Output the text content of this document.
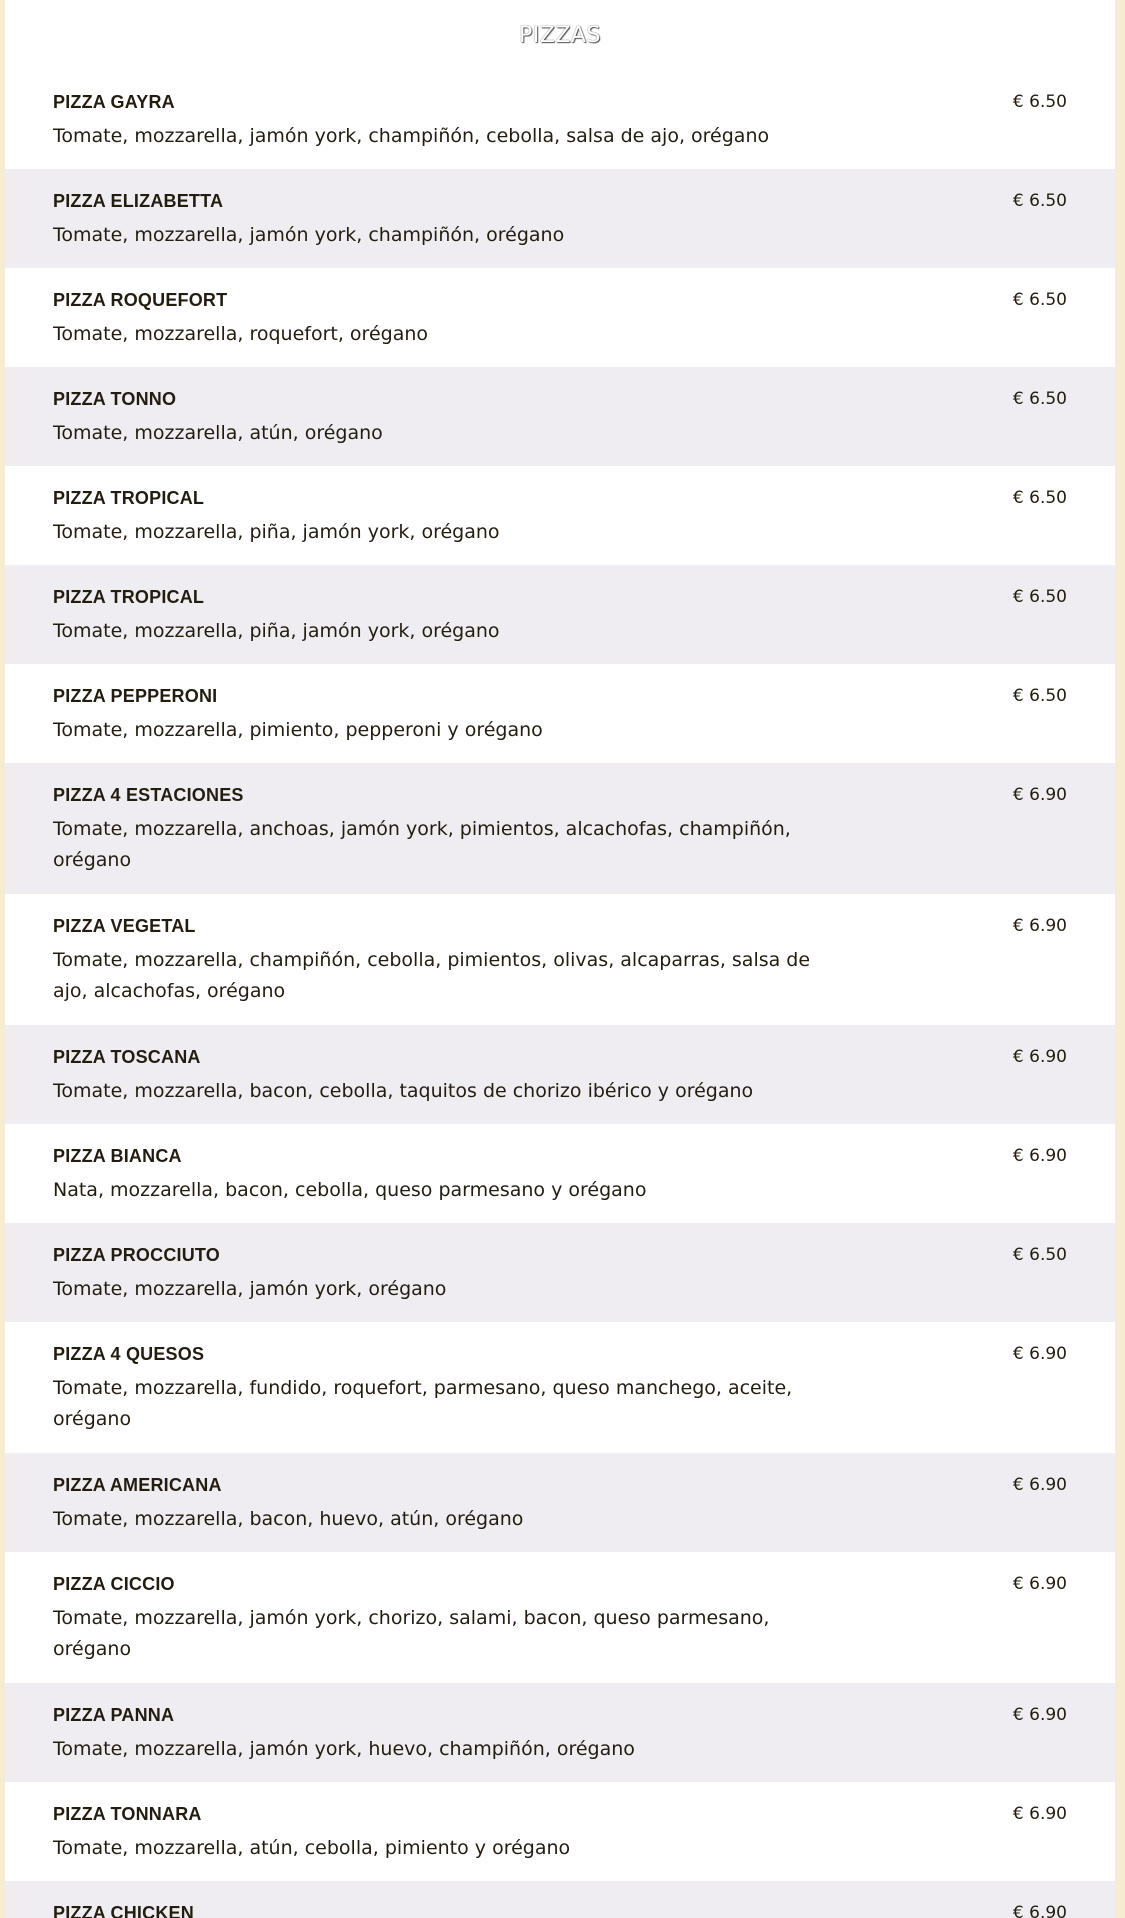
PIZZAS
PIZZA GAYRA
Tomate, mozzarella, jamón york, champiñón, cebolla, salsa de ajo, orégano
€ 6.50
PIZZA ELIZABETTA
Tomate, mozzarella, jamón york, champiñón, orégano
€ 6.50
PIZZA ROQUEFORT
Tomate, mozzarella, roquefort, orégano
€ 6.50
PIZZA TONNO
Tomate, mozzarella, atún, orégano
€ 6.50
PIZZA TROPICAL
Tomate, mozzarella, piña, jamón york, orégano
€ 6.50
PIZZA TROPICAL
Tomate, mozzarella, piña, jamón york, orégano
€ 6.50
PIZZA PEPPERONI
Tomate, mozzarella, pimiento, pepperoni y orégano
€ 6.50
PIZZA 4 ESTACIONES
Tomate, mozzarella, anchoas, jamón york, pimientos, alcachofas, champiñón, orégano
€ 6.90
PIZZA VEGETAL
Tomate, mozzarella, champiñón, cebolla, pimientos, olivas, alcaparras, salsa de ajo, alcachofas, orégano
€ 6.90
PIZZA TOSCANA
Tomate, mozzarella, bacon, cebolla, taquitos de chorizo ibérico y orégano
€ 6.90
PIZZA BIANCA
Nata, mozzarella, bacon, cebolla, queso parmesano y orégano
€ 6.90
PIZZA PROCCIUTO
Tomate, mozzarella, jamón york, orégano
€ 6.50
PIZZA 4 QUESOS
Tomate, mozzarella, fundido, roquefort, parmesano, queso manchego, aceite, orégano
€ 6.90
PIZZA AMERICANA
Tomate, mozzarella, bacon, huevo, atún, orégano
€ 6.90
PIZZA CICCIO
Tomate, mozzarella, jamón york, chorizo, salami, bacon, queso parmesano, orégano
€ 6.90
PIZZA PANNA
Tomate, mozzarella, jamón york, huevo, champiñón, orégano
€ 6.90
PIZZA TONNARA
Tomate, mozzarella, atún, cebolla, pimiento y orégano
€ 6.90
PIZZA CHICKEN	€ 6.90
